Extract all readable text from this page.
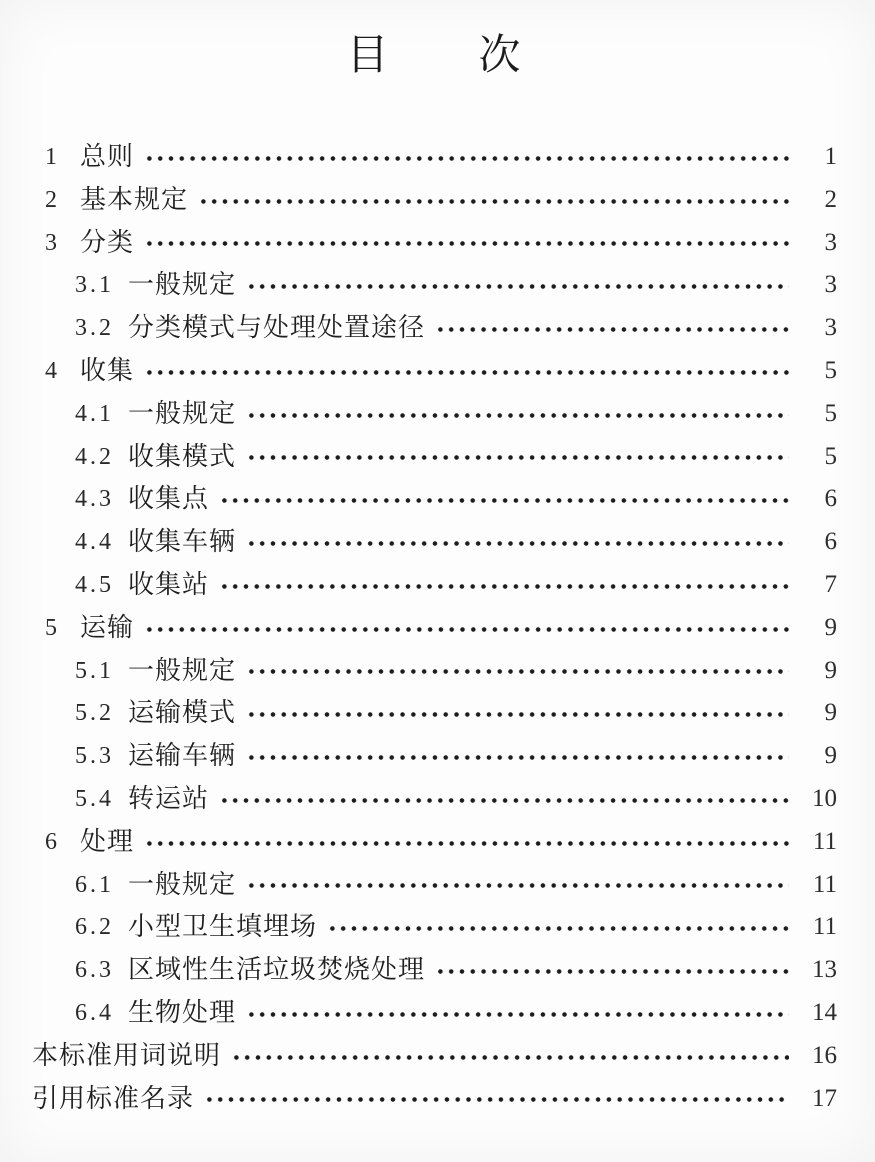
目　　次
1 总则	1
2 基本规定	2
3 分类	3
3.1 一般规定	3
3.2 分类模式与处理处置途径	3
4 收集	5
4.1 一般规定	5
4.2 收集模式	5
4.3 收集点	6
4.4 收集车辆	6
4.5 收集站	7
5 运输	9
5.1 一般规定	9
5.2 运输模式	9
5.3 运输车辆	9
5.4 转运站	10
6 处理	11
6.1 一般规定	11
6.2 小型卫生填埋场	11
6.3 区域性生活垃圾焚烧处理	13
6.4 生物处理	14
本标准用词说明	16
引用标准名录	17
